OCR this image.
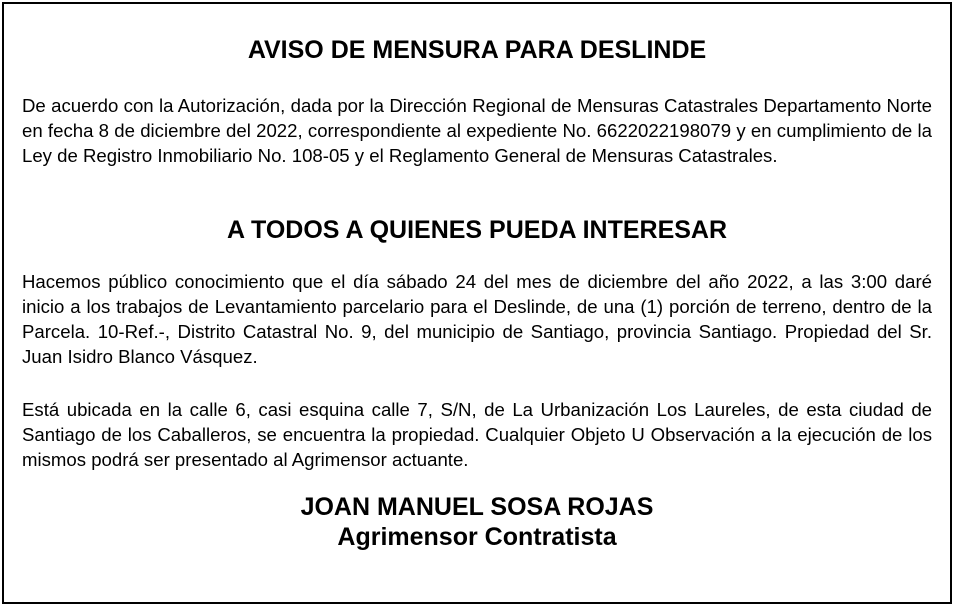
AVISO DE MENSURA PARA DESLINDE

De acuerdo con la Autorización, dada por la Dirección Regional de Mensuras Catastrales Departamento Norte en fecha 8 de diciembre del 2022, correspondiente al expediente No. 6622022198079 y en cumplimiento de la Ley de Registro Inmobiliario No. 108-05 y el Reglamento General de Mensuras Catastrales.

A TODOS A QUIENES PUEDA INTERESAR

Hacemos público conocimiento que el día sábado 24 del mes de diciembre del año 2022, a las 3:00 daré inicio a los trabajos de Levantamiento parcelario para el Deslinde, de una (1) porción de terreno, dentro de la Parcela. 10-Ref.-, Distrito Catastral No. 9, del municipio de Santiago, provincia Santiago. Propiedad del Sr. Juan Isidro Blanco Vásquez.

Está ubicada en la calle 6, casi esquina calle 7, S/N, de La Urbanización Los Laureles, de esta ciudad de Santiago de los Caballeros, se encuentra la propiedad. Cualquier Objeto U Observación a la ejecución de los mismos podrá ser presentado al Agrimensor actuante.

JOAN MANUEL SOSA ROJAS
Agrimensor Contratista
